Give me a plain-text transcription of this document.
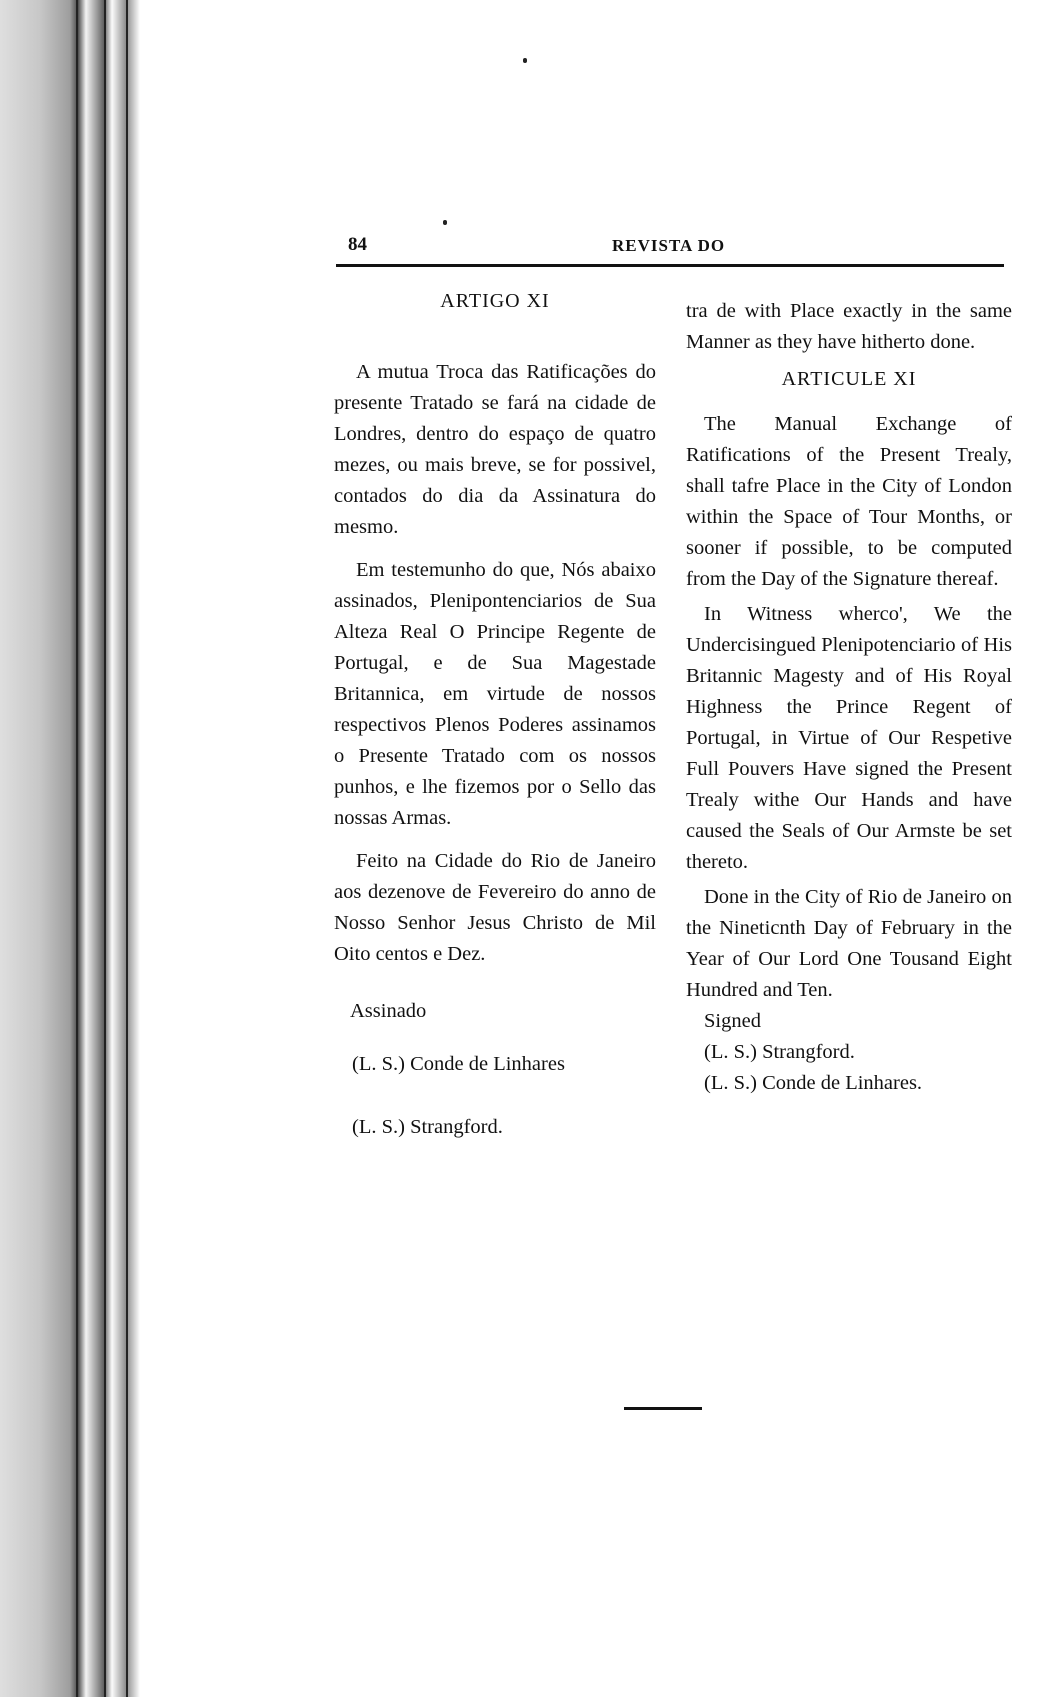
84	REVISTA DO
ARTIGO XI

A mutua Troca das Ratificações do presente Tratado se fará na cidade de Londres, dentro do espaço de quatro mezes, ou mais breve, se for possivel, contados do dia da Assinatura do mesmo.

Em testemunho do que, Nós abaixo assinados, Plenipontenciarios de Sua Alteza Real O Principe Regente de Portugal, e de Sua Magestade Britannica, em virtude de nossos respectivos Plenos Poderes assinamos o Presente Tratado com os nossos punhos, e lhe fizemos por o Sello das nossas Armas.

Feito na Cidade do Rio de Janeiro aos dezenove de Fevereiro do anno de Nosso Senhor Jesus Christo de Mil Oito centos e Dez.

Assinado
(L. S.) Conde de Linhares
(L. S.) Strangford.

tra de with Place exactly in the same Manner as they have hitherto done.

ARTICULE XI

The Manual Exchange of Ratifications of the Present Trealy, shall tafre Place in the City of London within the Space of Tour Months, or sooner if possible, to be computed from the Day of the Signature thereaf.

In Witness wherco', We the Undercisingued Plenipotenciario of His Britannic Magesty and of His Royal Highness the Prince Regent of Portugal, in Virtue of Our Respetive Full Pouvers Have signed the Present Trealy withe Our Hands and have caused the Seals of Our Armste be set thereto.

Done in the City of Rio de Janeiro on the Nineticnth Day of February in the Year of Our Lord One Tousand Eight Hundred and Ten.

Signed
(L. S.) Strangford.
(L. S.) Conde de Linhares.
